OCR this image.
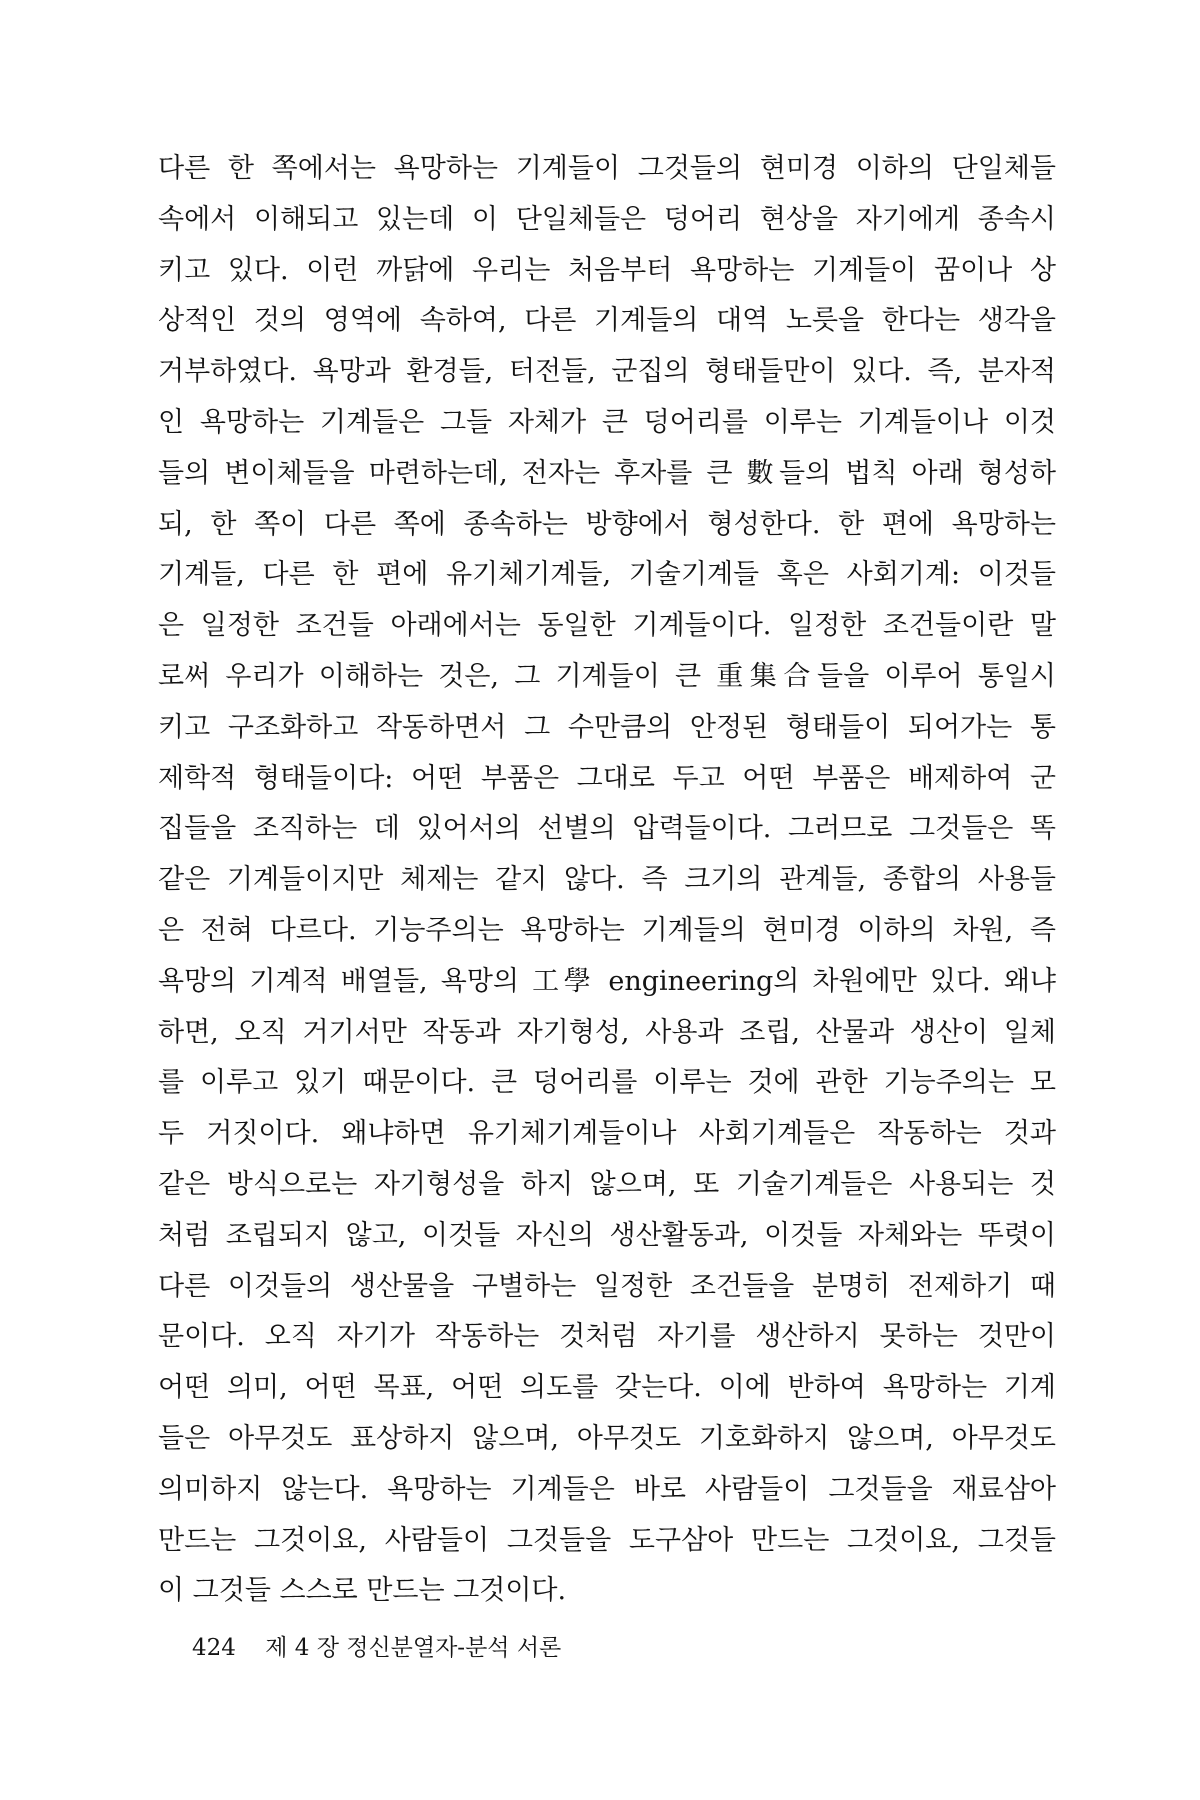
다른 한 쪽에서는 욕망하는 기계들이 그것들의 현미경 이하의 단일체들
속에서 이해되고 있는데 이 단일체들은 덩어리 현상을 자기에게 종속시
키고 있다. 이런 까닭에 우리는 처음부터 욕망하는 기계들이 꿈이나 상
상적인 것의 영역에 속하여, 다른 기계들의 대역 노릇을 한다는 생각을
거부하였다. 욕망과 환경들, 터전들, 군집의 형태들만이 있다. 즉, 분자적
인 욕망하는 기계들은 그들 자체가 큰 덩어리를 이루는 기계들이나 이것
들의 변이체들을 마련하는데, 전자는 후자를 큰 數들의 법칙 아래 형성하
되, 한 쪽이 다른 쪽에 종속하는 방향에서 형성한다. 한 편에 욕망하는
기계들, 다른 한 편에 유기체기계들, 기술기계들 혹은 사회기계: 이것들
은 일정한 조건들 아래에서는 동일한 기계들이다. 일정한 조건들이란 말
로써 우리가 이해하는 것은, 그 기계들이 큰 重集合들을 이루어 통일시
키고 구조화하고 작동하면서 그 수만큼의 안정된 형태들이 되어가는 통
제학적 형태들이다: 어떤 부품은 그대로 두고 어떤 부품은 배제하여 군
집들을 조직하는 데 있어서의 선별의 압력들이다. 그러므로 그것들은 똑
같은 기계들이지만 체제는 같지 않다. 즉 크기의 관계들, 종합의 사용들
은 전혀 다르다. 기능주의는 욕망하는 기계들의 현미경 이하의 차원, 즉
욕망의 기계적 배열들, 욕망의 工學 engineering의 차원에만 있다. 왜냐
하면, 오직 거기서만 작동과 자기형성, 사용과 조립, 산물과 생산이 일체
를 이루고 있기 때문이다. 큰 덩어리를 이루는 것에 관한 기능주의는 모
두 거짓이다. 왜냐하면 유기체기계들이나 사회기계들은 작동하는 것과
같은 방식으로는 자기형성을 하지 않으며, 또 기술기계들은 사용되는 것
처럼 조립되지 않고, 이것들 자신의 생산활동과, 이것들 자체와는 뚜렷이
다른 이것들의 생산물을 구별하는 일정한 조건들을 분명히 전제하기 때
문이다. 오직 자기가 작동하는 것처럼 자기를 생산하지 못하는 것만이
어떤 의미, 어떤 목표, 어떤 의도를 갖는다. 이에 반하여 욕망하는 기계
들은 아무것도 표상하지 않으며, 아무것도 기호화하지 않으며, 아무것도
의미하지 않는다. 욕망하는 기계들은 바로 사람들이 그것들을 재료삼아
만드는 그것이요, 사람들이 그것들을 도구삼아 만드는 그것이요, 그것들
이 그것들 스스로 만드는 그것이다.
424 제 4 장 정신분열자-분석 서론
